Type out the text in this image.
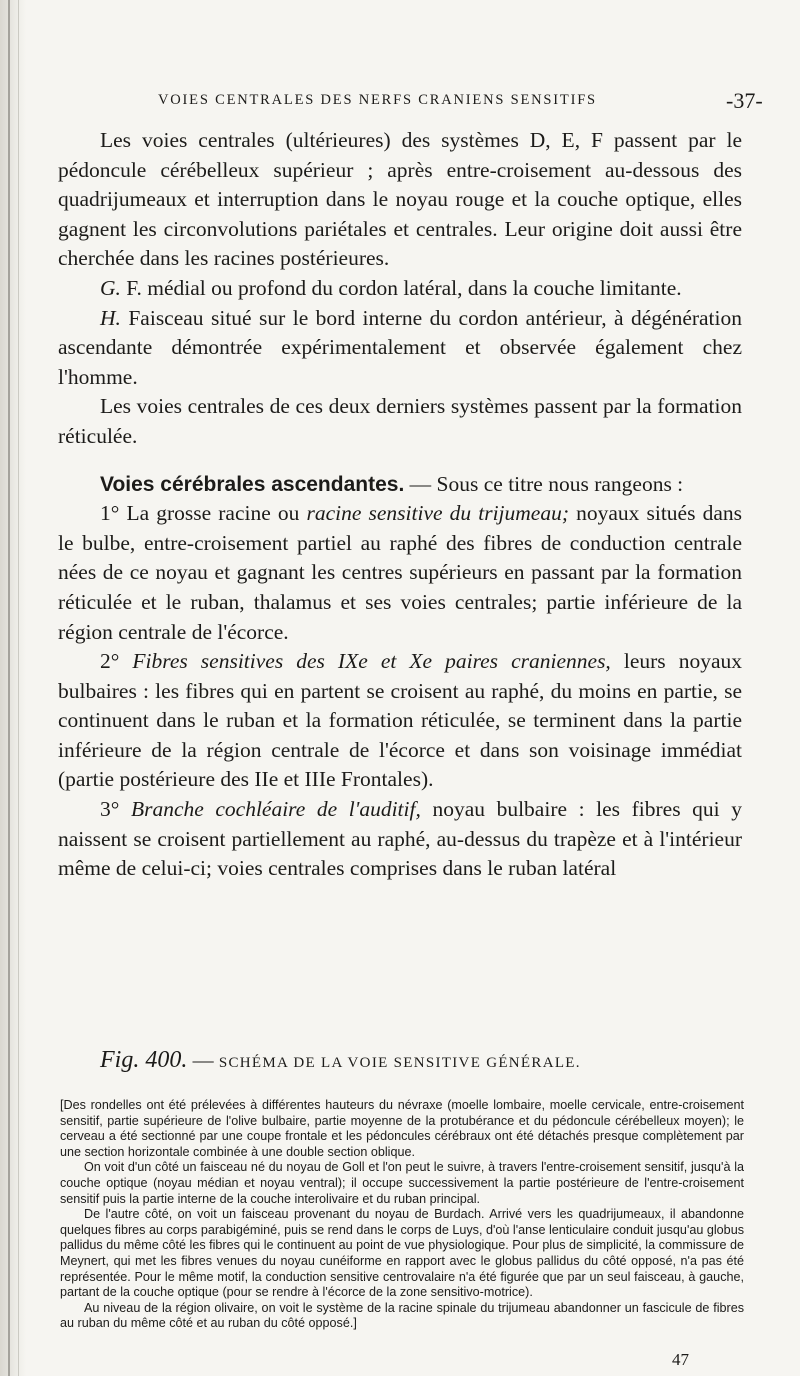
VOIES CENTRALES DES NERFS CRANIENS SENSITIFS	-37-

Les voies centrales (ultérieures) des systèmes D, E, F passent par le pédoncule cérébelleux supérieur ; après entre-croisement au-dessous des quadrijumeaux et interruption dans le noyau rouge et la couche optique, elles gagnent les circonvolutions pariétales et centrales. Leur origine doit aussi être cherchée dans les racines postérieures.

G. F. médial ou profond du cordon latéral, dans la couche limitante.

H. Faisceau situé sur le bord interne du cordon antérieur, à dégénération ascendante démontrée expérimentalement et observée également chez l'homme.

Les voies centrales de ces deux derniers systèmes passent par la formation réticulée.

Voies cérébrales ascendantes. — Sous ce titre nous rangeons :

1° La grosse racine ou racine sensitive du trijumeau; noyaux situés dans le bulbe, entre-croisement partiel au raphé des fibres de conduction centrale nées de ce noyau et gagnant les centres supérieurs en passant par la formation réticulée et le ruban, thalamus et ses voies centrales; partie inférieure de la région centrale de l'écorce.

2° Fibres sensitives des IXe et Xe paires craniennes, leurs noyaux bulbaires : les fibres qui en partent se croisent au raphé, du moins en partie, se continuent dans le ruban et la formation réticulée, se terminent dans la partie inférieure de la région centrale de l'écorce et dans son voisinage immédiat (partie postérieure des IIe et IIIe Frontales).

3° Branche cochléaire de l'auditif, noyau bulbaire : les fibres qui y naissent se croisent partiellement au raphé, au-dessus du trapèze et à l'intérieur même de celui-ci; voies centrales comprises dans le ruban latéral

Fig. 400. — SCHÉMA DE LA VOIE SENSITIVE GÉNÉRALE.

[Des rondelles ont été prélevées à différentes hauteurs du névraxe (moelle lombaire, moelle cervicale, entre-croisement sensitif, partie supérieure de l'olive bulbaire, partie moyenne de la protubérance et du pédoncule cérébelleux moyen); le cerveau a été sectionné par une coupe frontale et les pédoncules cérébraux ont été détachés presque complètement par une section horizontale combinée à une double section oblique.

On voit d'un côté un faisceau né du noyau de Goll et l'on peut le suivre, à travers l'entre-croisement sensitif, jusqu'à la couche optique (noyau médian et noyau ventral); il occupe successivement la partie postérieure de l'entre-croisement sensitif puis la partie interne de la couche interolivaire et du ruban principal.

De l'autre côté, on voit un faisceau provenant du noyau de Burdach. Arrivé vers les quadrijumeaux, il abandonne quelques fibres au corps parabigéminé, puis se rend dans le corps de Luys, d'où l'anse lenticulaire conduit jusqu'au globus pallidus du même côté les fibres qui le continuent au point de vue physiologique. Pour plus de simplicité, la commissure de Meynert, qui met les fibres venues du noyau cunéiforme en rapport avec le globus pallidus du côté opposé, n'a pas été représentée. Pour le même motif, la conduction sensitive centrovalaire n'a été figurée que par un seul faisceau, à gauche, partant de la couche optique (pour se rendre à l'écorce de la zone sensitivo-motrice).

Au niveau de la région olivaire, on voit le système de la racine spinale du trijumeau abandonner un fascicule de fibres au ruban du même côté et au ruban du côté opposé.]

47
